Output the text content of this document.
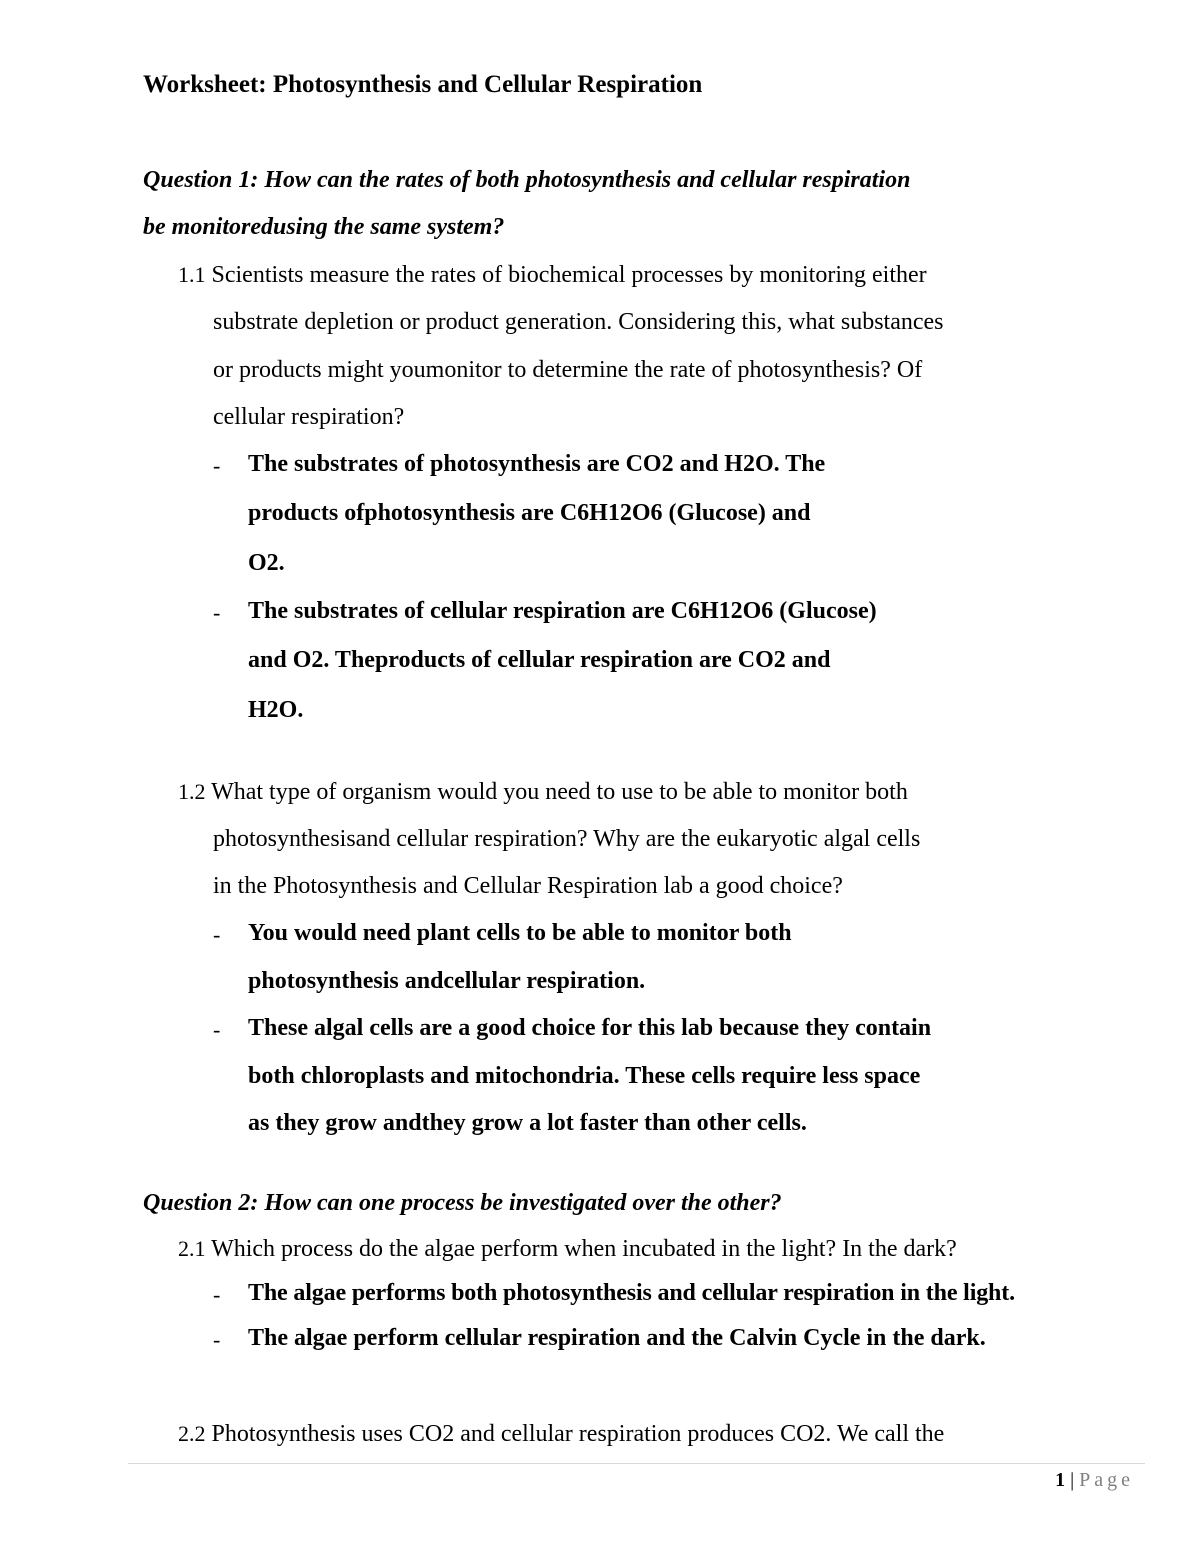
Worksheet: Photosynthesis and Cellular Respiration
Question 1: How can the rates of both photosynthesis and cellular respiration
be monitoredusing the same system?
1.1 Scientists measure the rates of biochemical processes by monitoring either
substrate depletion or product generation. Considering this, what substances
or products might youmonitor to determine the rate of photosynthesis? Of
cellular respiration?
- The substrates of photosynthesis are CO2 and H2O. The
products ofphotosynthesis are C6H12O6 (Glucose) and
O2.
- The substrates of cellular respiration are C6H12O6 (Glucose)
and O2. Theproducts of cellular respiration are CO2 and
H2O.
1.2 What type of organism would you need to use to be able to monitor both
photosynthesisand cellular respiration? Why are the eukaryotic algal cells
in the Photosynthesis and Cellular Respiration lab a good choice?
- You would need plant cells to be able to monitor both
photosynthesis andcellular respiration.
- These algal cells are a good choice for this lab because they contain
both chloroplasts and mitochondria. These cells require less space
as they grow andthey grow a lot faster than other cells.
Question 2: How can one process be investigated over the other?
2.1 Which process do the algae perform when incubated in the light? In the dark?
- The algae performs both photosynthesis and cellular respiration in the light.
- The algae perform cellular respiration and the Calvin Cycle in the dark.
2.2 Photosynthesis uses CO2 and cellular respiration produces CO2. We call the
1 | Page
